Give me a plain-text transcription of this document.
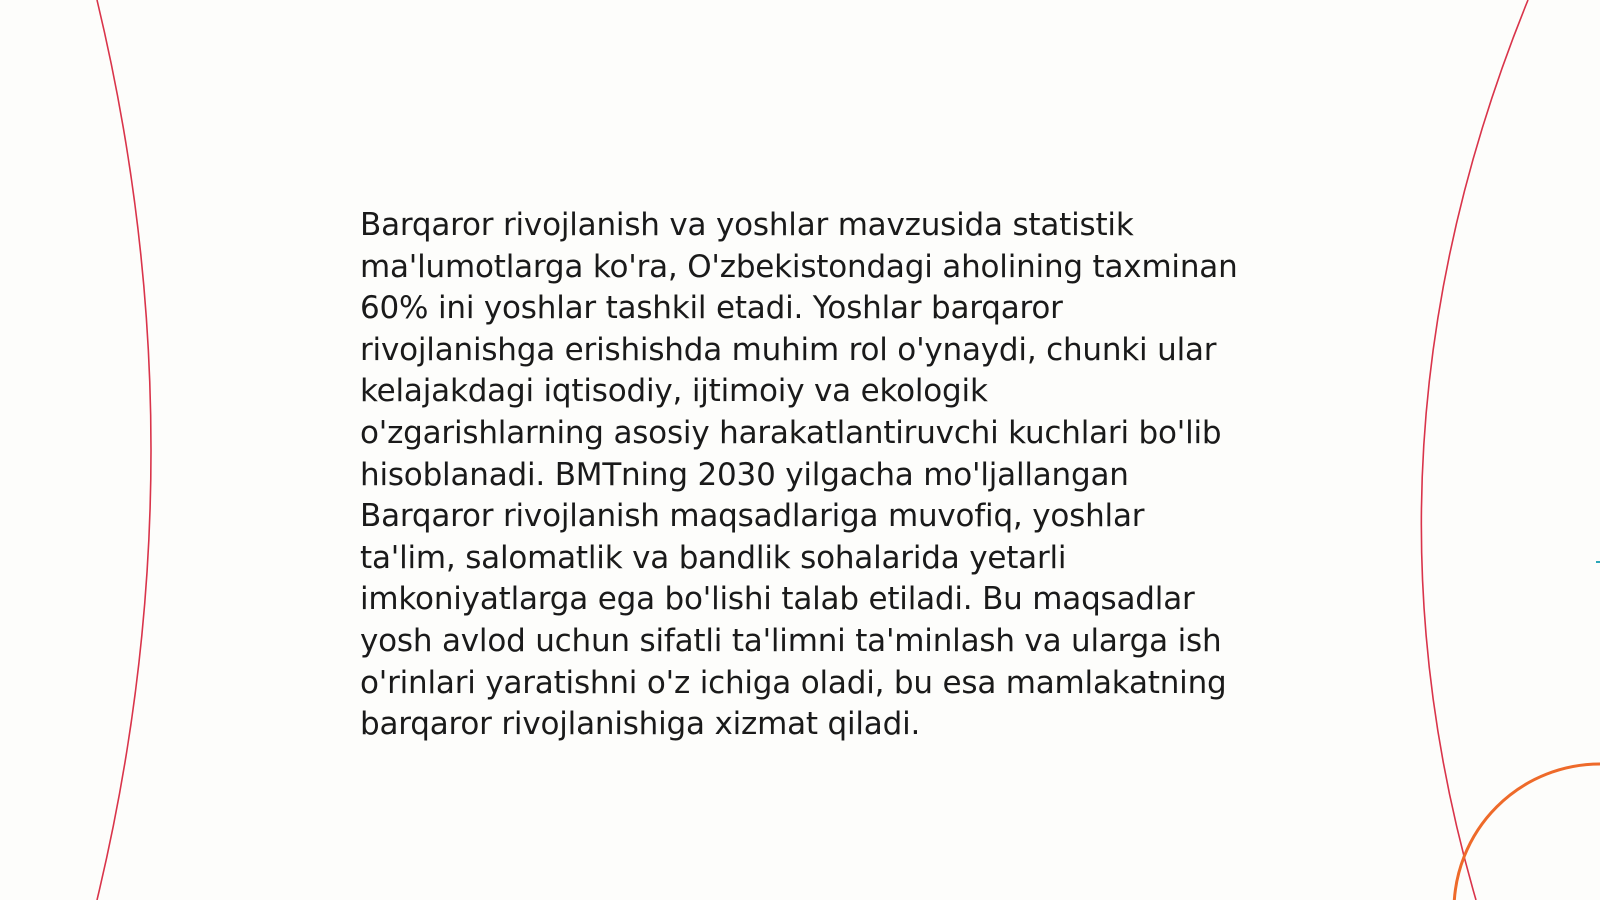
Barqaror rivojlanish va yoshlar mavzusida statistik ma'lumotlarga ko'ra, O'zbekistondagi aholining taxminan 60% ini yoshlar tashkil etadi. Yoshlar barqaror rivojlanishga erishishda muhim rol o'ynaydi, chunki ular kelajakdagi iqtisodiy, ijtimoiy va ekologik o'zgarishlarning asosiy harakatlantiruvchi kuchlari bo'lib hisoblanadi. BMTning 2030 yilgacha mo'ljallangan Barqaror rivojlanish maqsadlariga muvofiq, yoshlar ta'lim, salomatlik va bandlik sohalarida yetarli imkoniyatlarga ega bo'lishi talab etiladi. Bu maqsadlar yosh avlod uchun sifatli ta'limni ta'minlash va ularga ish o'rinlari yaratishni o'z ichiga oladi, bu esa mamlakatning barqaror rivojlanishiga xizmat qiladi.
